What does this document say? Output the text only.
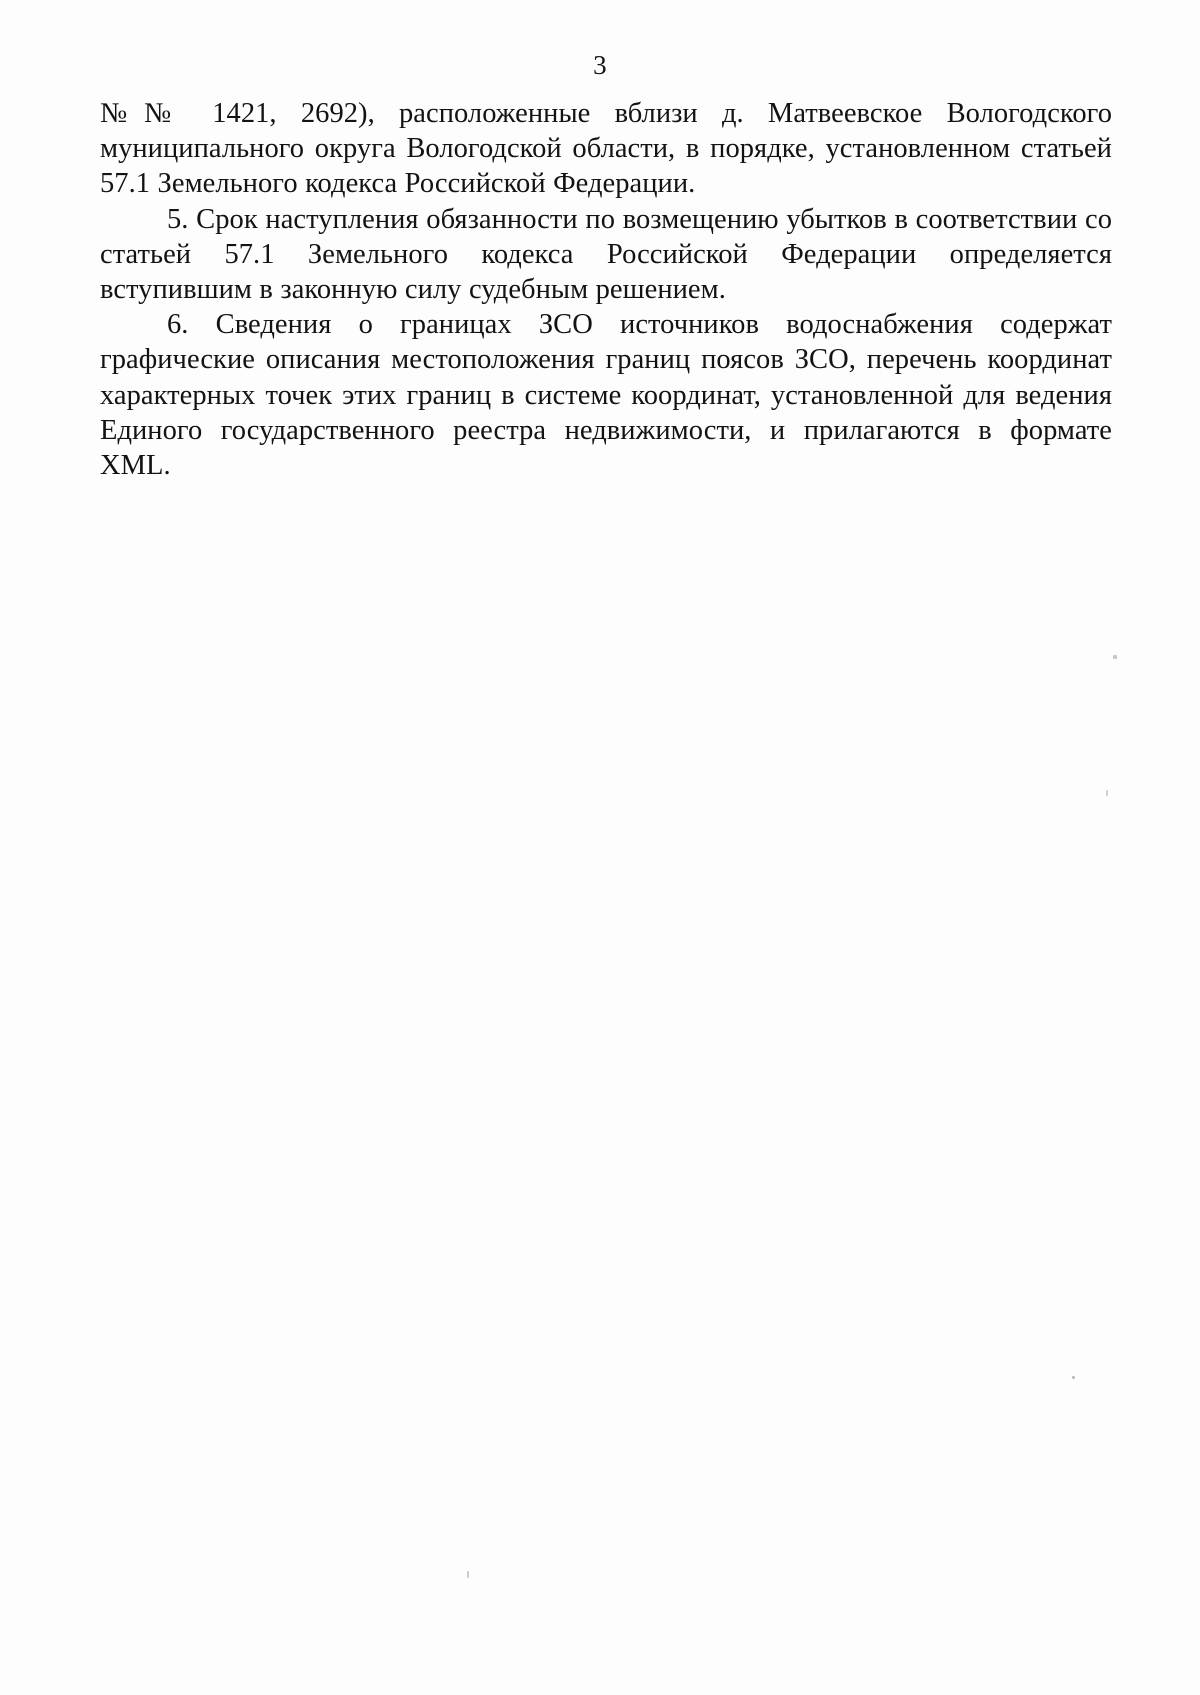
3

№№ 1421, 2692), расположенные вблизи д. Матвеевское Вологодского муниципального округа Вологодской области, в порядке, установленном статьей 57.1 Земельного кодекса Российской Федерации.

5. Срок наступления обязанности по возмещению убытков в соответствии со статьей 57.1 Земельного кодекса Российской Федерации определяется вступившим в законную силу судебным решением.

6. Сведения о границах ЗСО источников водоснабжения содержат графические описания местоположения границ поясов ЗСО, перечень координат характерных точек этих границ в системе координат, установленной для ведения Единого государственного реестра недвижимости, и прилагаются в формате XML.
